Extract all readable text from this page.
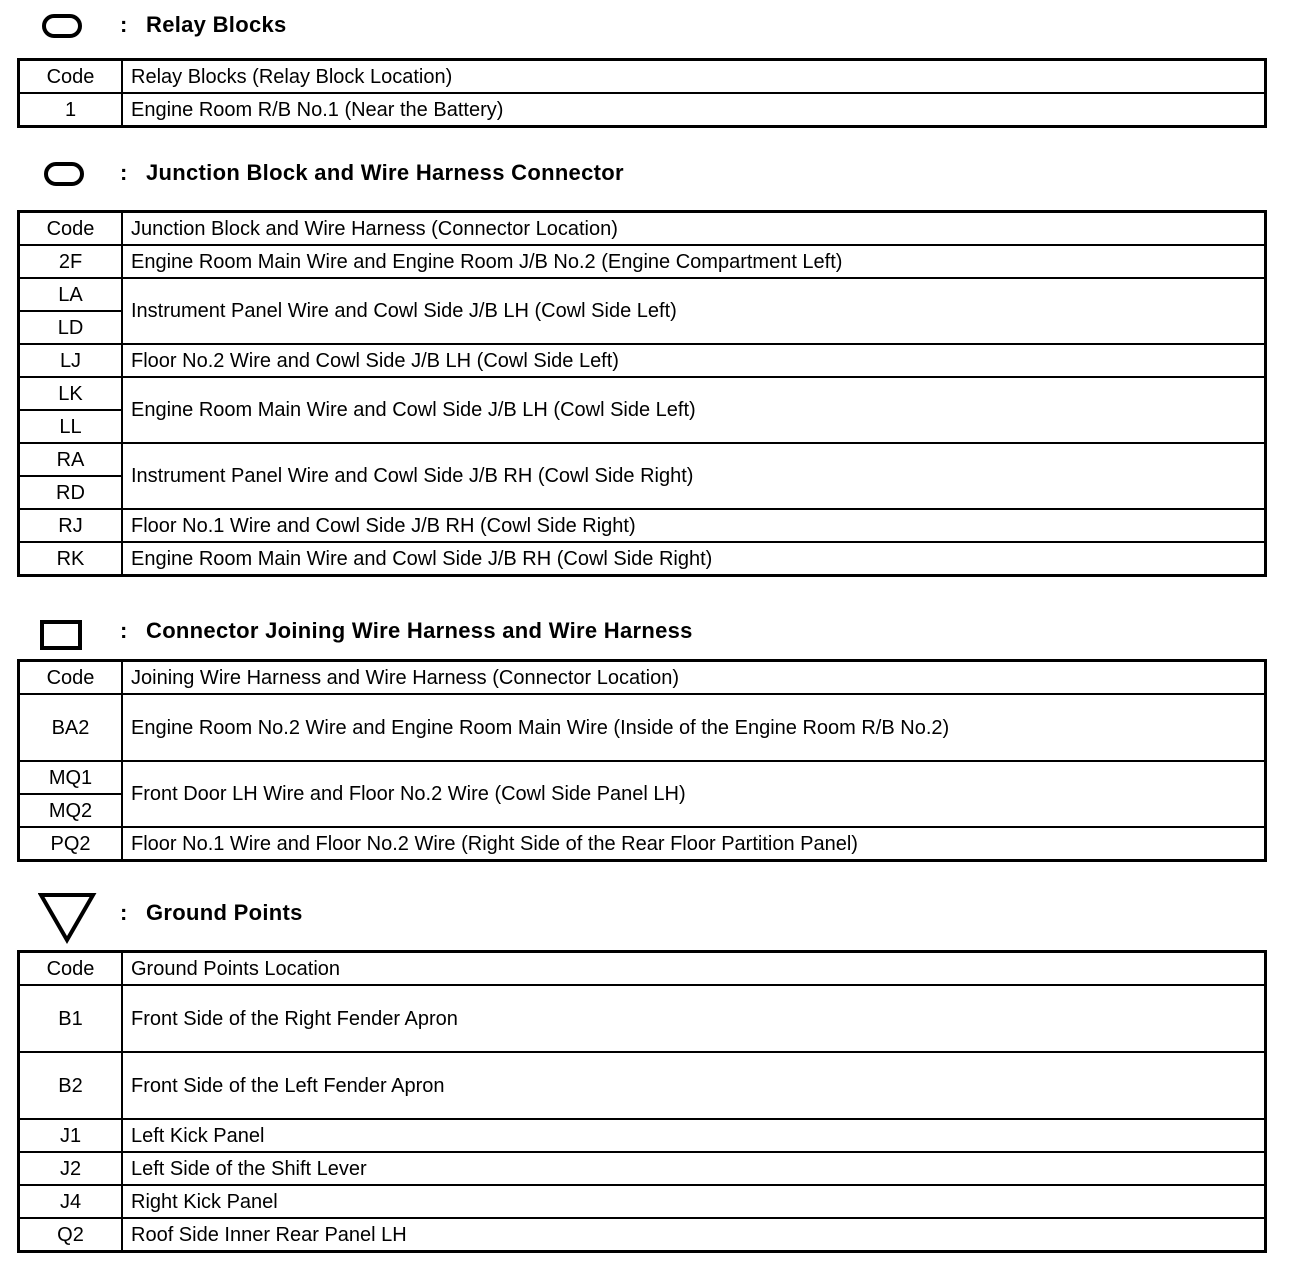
: Relay Blocks
Code	Relay Blocks (Relay Block Location)
1	Engine Room R/B No.1 (Near the Battery)
: Junction Block and Wire Harness Connector
Code	Junction Block and Wire Harness (Connector Location)
2F	Engine Room Main Wire and Engine Room J/B No.2 (Engine Compartment Left)
LA	Instrument Panel Wire and Cowl Side J/B LH (Cowl Side Left)
LD	
LJ	Floor No.2 Wire and Cowl Side J/B LH (Cowl Side Left)
LK	Engine Room Main Wire and Cowl Side J/B LH (Cowl Side Left)
LL	
RA	Instrument Panel Wire and Cowl Side J/B RH (Cowl Side Right)
RD	
RJ	Floor No.1 Wire and Cowl Side J/B RH (Cowl Side Right)
RK	Engine Room Main Wire and Cowl Side J/B RH (Cowl Side Right)
: Connector Joining Wire Harness and Wire Harness
Code	Joining Wire Harness and Wire Harness (Connector Location)
BA2	Engine Room No.2 Wire and Engine Room Main Wire (Inside of the Engine Room R/B No.2)
MQ1	Front Door LH Wire and Floor No.2 Wire (Cowl Side Panel LH)
MQ2	
PQ2	Floor No.1 Wire and Floor No.2 Wire (Right Side of the Rear Floor Partition Panel)
: Ground Points
Code	Ground Points Location
B1	Front Side of the Right Fender Apron
B2	Front Side of the Left Fender Apron
J1	Left Kick Panel
J2	Left Side of the Shift Lever
J4	Right Kick Panel
Q2	Roof Side Inner Rear Panel LH
